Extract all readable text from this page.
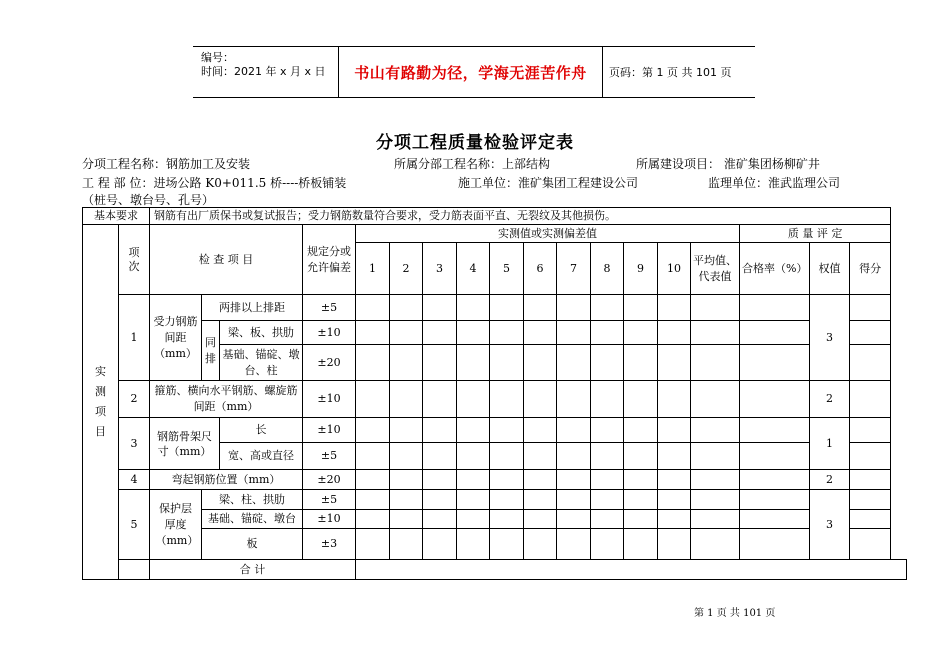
编号：
时间：2021 年 x 月 x 日	书山有路勤为径，学海无涯苦作舟	页码：第 1 页 共 101 页
分项工程质量检验评定表
分项工程名称：钢筋加工及安装	所属分部工程名称：上部结构	所属建设项目： 淮矿集团杨柳矿井
工 程 部 位：进场公路 K0+011.5 桥----桥板铺装	施工单位：淮矿集团工程建设公司	监理单位：淮武监理公司
（桩号、墩台号、孔号）
基本要求		钢筋有出厂质保书或复试报告；受力钢筋数量符合要求，受力筋表面平直、无裂纹及其他损伤。																	

实测项目	项次	检 查 项 目			规定分或允许偏差	实测值或实测偏差值											质 量 评 定		
						1	2	3	4	5	6	7	8	9	10	平均值、代表值	合格率（%）	权值	得分
	1	受力钢筋间距（mm）	两排以上排距		±5													3	

			同排	梁、板、拱肋	±10														

				基础、锚碇、墩台、柱	±20														
	2	箍筋、横向水平钢筋、螺旋筋间距（mm）			±10													2	
	3	钢筋骨架尺寸（mm）		长	±10													1	
				宽、高或直径	±5														
	4	弯起钢筋位置（mm）			±20													2	
	5	保护层厚度（mm）	梁、柱、拱肋		±5													3	
			基础、锚碇、墩台		±10														
			板		±3														
		合 计																	
第 1 页 共 101 页
